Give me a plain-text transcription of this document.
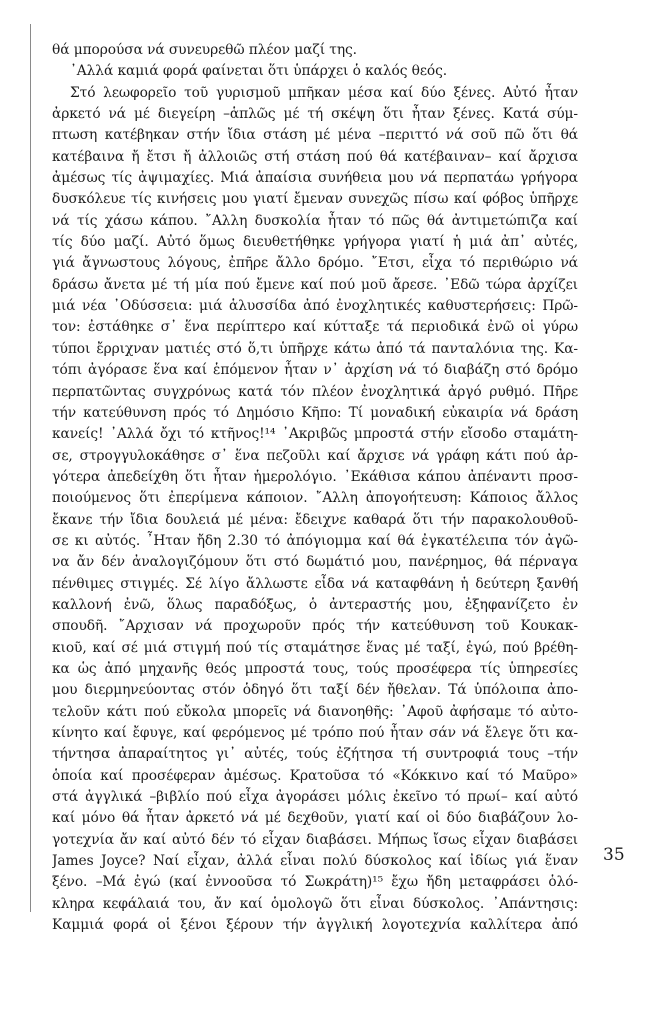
θά μπορούσα νά συνευρεθῶ πλέον μαζί της.
᾿Αλλά καμιά φορά φαίνεται ὅτι ὑπάρχει ὁ καλός θεός.
Στό λεωφορεῖο τοῦ γυρισμοῦ μπῆκαν μέσα καί δύο ξένες. Αὐτό ἦταν
ἀρκετό νά μέ διεγείρη –ἁπλῶς μέ τή σκέψη ὅτι ἦταν ξένες. Κατά σύμ-
πτωση κατέβηκαν στήν ἴδια στάση μέ μένα –περιττό νά σοῦ πῶ ὅτι θά
κατέβαινα ἤ ἔτσι ἤ ἀλλοιῶς στή στάση πού θά κατέβαιναν– καί ἄρχισα
ἀμέσως τίς ἀψιμαχίες. Μιά ἀπαίσια συνήθεια μου νά περπατάω γρήγορα
δυσκόλευε τίς κινήσεις μου γιατί ἔμεναν συνεχῶς πίσω καί φόβος ὑπῆρχε
νά τίς χάσω κάπου. ῎Αλλη δυσκολία ἦταν τό πῶς θά ἀντιμετώπιζα καί
τίς δύο μαζί. Αὐτό ὅμως διευθετήθηκε γρήγορα γιατί ἡ μιά ἀπ᾿ αὐτές,
γιά ἄγνωστους λόγους, ἐπῆρε ἄλλο δρόμο. ῎Ετσι, εἶχα τό περιθώριο νά
δράσω ἄνετα μέ τή μία πού ἔμενε καί πού μοῦ ἄρεσε. ᾿Εδῶ τώρα ἀρχίζει
μιά νέα ᾿Οδύσσεια: μιά ἁλυσσίδα ἀπό ἐνοχλητικές καθυστερήσεις: Πρῶ-
τον: ἐστάθηκε σ᾿ ἕνα περίπτερο καί κύτταξε τά περιοδικά ἐνῶ οἱ γύρω
τύποι ἔρριχναν ματιές στό ὅ,τι ὑπῆρχε κάτω ἀπό τά πανταλόνια της. Κα-
τόπι ἀγόρασε ἕνα καί ἑπόμενον ἦταν ν᾿ ἀρχίση νά τό διαβάζη στό δρόμο
περπατῶντας συγχρόνως κατά τόν πλέον ἐνοχλητικά ἀργό ρυθμό. Πῆρε
τήν κατεύθυνση πρός τό Δημόσιο Κῆπο: Τί μοναδική εὐκαιρία νά δράση
κανείς! ᾿Αλλά ὄχι τό κτῆνος!¹⁴ ᾿Ακριβῶς μπροστά στήν εἴσοδο σταμάτη-
σε, στρογγυλοκάθησε σ᾿ ἕνα πεζοῦλι καί ἄρχισε νά γράφη κάτι πού ἀρ-
γότερα ἀπεδείχθη ὅτι ἦταν ἡμερολόγιο. ᾿Εκάθισα κάπου ἀπέναντι προσ-
ποιούμενος ὅτι ἐπερίμενα κάποιον. ῎Αλλη ἀπογοήτευση: Κάποιος ἄλλος
ἔκανε τήν ἴδια δουλειά μέ μένα: ἔδειχνε καθαρά ὅτι τήν παρακολουθοῦ-
σε κι αὐτός. ῏Ηταν ἤδη 2.30 τό ἀπόγιομμα καί θά ἐγκατέλειπα τόν ἀγῶ-
να ἄν δέν ἀναλογιζόμουν ὅτι στό δωμάτιό μου, πανέρημος, θά πέρναγα
πένθιμες στιγμές. Σέ λίγο ἄλλωστε εἶδα νά καταφθάνη ἡ δεύτερη ξανθή
καλλονή ἐνῶ, ὅλως παραδόξως, ὁ ἀντεραστής μου, ἐξηφανίζετο ἐν
σπουδῆ. ῎Αρχισαν νά προχωροῦν πρός τήν κατεύθυνση τοῦ Κουκακ-
κιοῦ, καί σέ μιά στιγμή πού τίς σταμάτησε ἕνας μέ ταξί, ἐγώ, πού βρέθη-
κα ὡς ἀπό μηχανῆς θεός μπροστά τους, τούς προσέφερα τίς ὑπηρεσίες
μου διερμηνεύοντας στόν ὁδηγό ὅτι ταξί δέν ἤθελαν. Τά ὑπόλοιπα ἀπο-
τελοῦν κάτι πού εὔκολα μπορεῖς νά διανοηθῆς: ᾿Αφοῦ ἀφήσαμε τό αὐτο-
κίνητο καί ἔφυγε, καί φερόμενος μέ τρόπο πού ἦταν σάν νά ἔλεγε ὅτι κα-
τήντησα ἀπαραίτητος γι᾿ αὐτές, τούς ἐζήτησα τή συντροφιά τους –τήν
ὁποία καί προσέφεραν ἀμέσως. Κρατοῦσα τό «Κόκκινο καί τό Μαῦρο»
στά ἀγγλικά –βιβλίο πού εἶχα ἀγοράσει μόλις ἐκεῖνο τό πρωί– καί αὐτό
καί μόνο θά ἦταν ἀρκετό νά μέ δεχθοῦν, γιατί καί οἱ δύο διαβάζουν λο-
γοτεχνία ἄν καί αὐτό δέν τό εἶχαν διαβάσει. Μήπως ἴσως εἶχαν διαβάσει
James Joyce? Ναί εἶχαν, ἀλλά εἶναι πολύ δύσκολος καί ἰδίως γιά ἕναν
ξένο. –Μά ἐγώ (καί ἐννοοῦσα τό Σωκράτη)¹⁵ ἔχω ἤδη μεταφράσει ὁλό-
κληρα κεφάλαιά του, ἄν καί ὁμολογῶ ὅτι εἶναι δύσκολος. ᾿Απάντησις:
Καμμιά φορά οἱ ξένοι ξέρουν τήν ἀγγλική λογοτεχνία καλλίτερα ἀπό
35
